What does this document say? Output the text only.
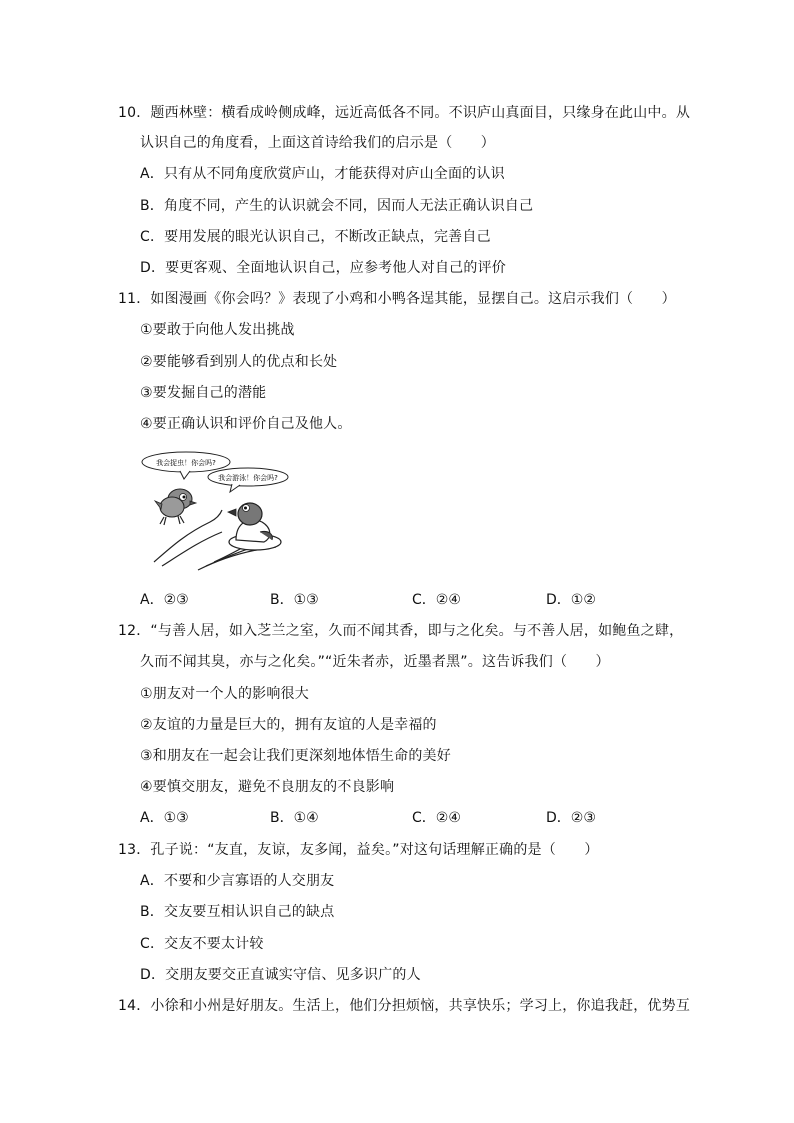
10．题西林壁：横看成岭侧成峰，远近高低各不同。不识庐山真面目，只缘身在此山中。从
认识自己的角度看，上面这首诗给我们的启示是（　　）
A．只有从不同角度欣赏庐山，才能获得对庐山全面的认识
B．角度不同，产生的认识就会不同，因而人无法正确认识自己
C．要用发展的眼光认识自己，不断改正缺点，完善自己
D．要更客观、全面地认识自己，应参考他人对自己的评价
11．如图漫画《你会吗？》表现了小鸡和小鸭各逞其能，显摆自己。这启示我们（　　）
①要敢于向他人发出挑战
②要能够看到别人的优点和长处
③要发掘自己的潜能
④要正确认识和评价自己及他人。
我会捉虫！你会吗?
我会游泳！你会吗?
A．②③	B．①③	C．②④	D．①②
12．“与善人居，如入芝兰之室，久而不闻其香，即与之化矣。与不善人居，如鲍鱼之肆，
久而不闻其臭，亦与之化矣。”“近朱者赤，近墨者黑”。这告诉我们（　　）
①朋友对一个人的影响很大
②友谊的力量是巨大的，拥有友谊的人是幸福的
③和朋友在一起会让我们更深刻地体悟生命的美好
④要慎交朋友，避免不良朋友的不良影响
A．①③	B．①④	C．②④	D．②③
13．孔子说：“友直，友谅，友多闻，益矣。”对这句话理解正确的是（　　）
A．不要和少言寡语的人交朋友
B．交友要互相认识自己的缺点
C．交友不要太计较
D．交朋友要交正直诚实守信、见多识广的人
14．小徐和小州是好朋友。生活上，他们分担烦恼，共享快乐；学习上，你追我赶，优势互
